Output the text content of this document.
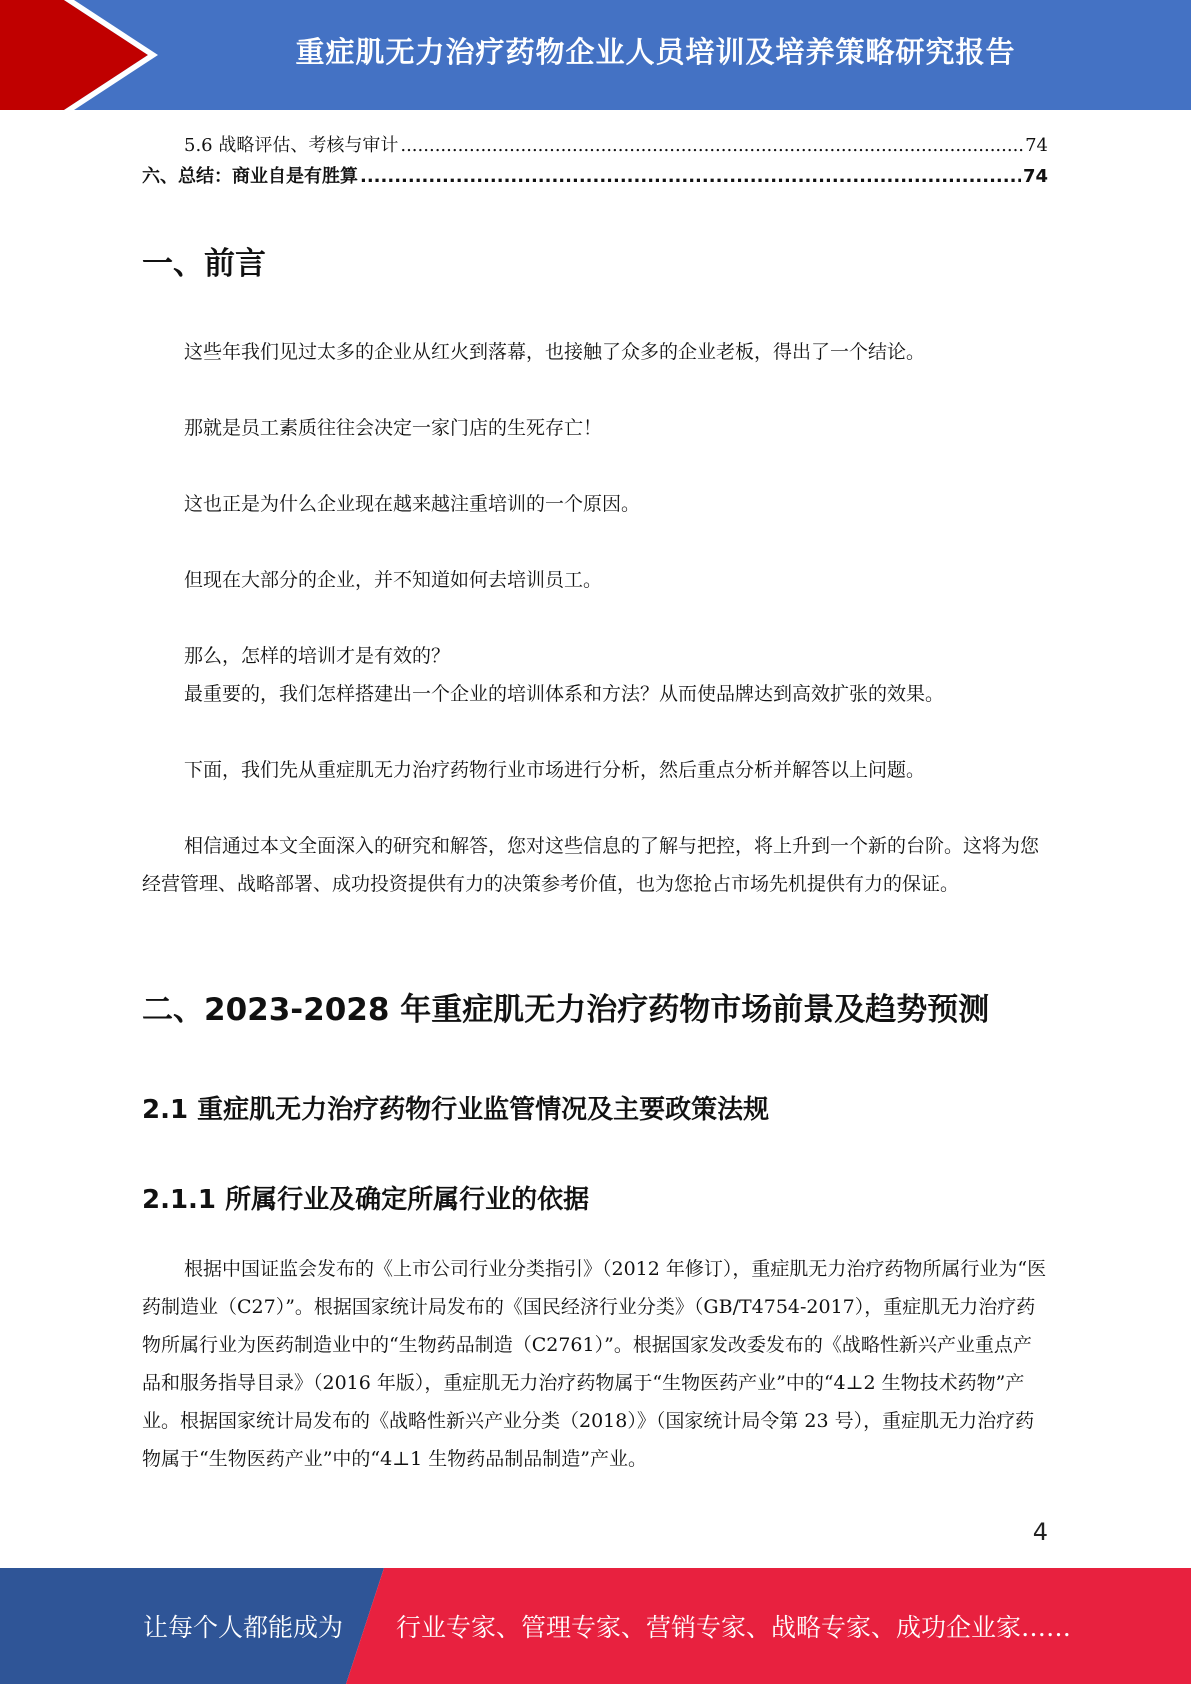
重症肌无力治疗药物企业人员培训及培养策略研究报告
5.6 战略评估、考核与审计 .....	74
六、总结：商业自是有胜算 .....	74
一、前言

这些年我们见过太多的企业从红火到落幕，也接触了众多的企业老板，得出了一个结论。

那就是员工素质往往会决定一家门店的生死存亡！

这也正是为什么企业现在越来越注重培训的一个原因。

但现在大部分的企业，并不知道如何去培训员工。

那么，怎样的培训才是有效的？

最重要的，我们怎样搭建出一个企业的培训体系和方法？从而使品牌达到高效扩张的效果。

下面，我们先从重症肌无力治疗药物行业市场进行分析，然后重点分析并解答以上问题。

相信通过本文全面深入的研究和解答，您对这些信息的了解与把控，将上升到一个新的台阶。这将为您经营管理、战略部署、成功投资提供有力的决策参考价值，也为您抢占市场先机提供有力的保证。

二、2023-2028 年重症肌无力治疗药物市场前景及趋势预测
2.1 重症肌无力治疗药物行业监管情况及主要政策法规
2.1.1 所属行业及确定所属行业的依据

根据中国证监会发布的《上市公司行业分类指引》（2012 年修订），重症肌无力治疗药物所属行业为“医药制造业（C27）”。根据国家统计局发布的《国民经济行业分类》（GB/T4754-2017），重症肌无力治疗药物所属行业为医药制造业中的“生物药品制造（C2761）”。根据国家发改委发布的《战略性新兴产业重点产品和服务指导目录》（2016 年版），重症肌无力治疗药物属于“生物医药产业”中的“4⊥2 生物技术药物”产业。根据国家统计局发布的《战略性新兴产业分类（2018）》（国家统计局令第 23 号），重症肌无力治疗药物属于“生物医药产业”中的“4⊥1 生物药品制品制造”产业。

4
让每个人都能成为 行业专家、管理专家、营销专家、战略专家、成功企业家……
